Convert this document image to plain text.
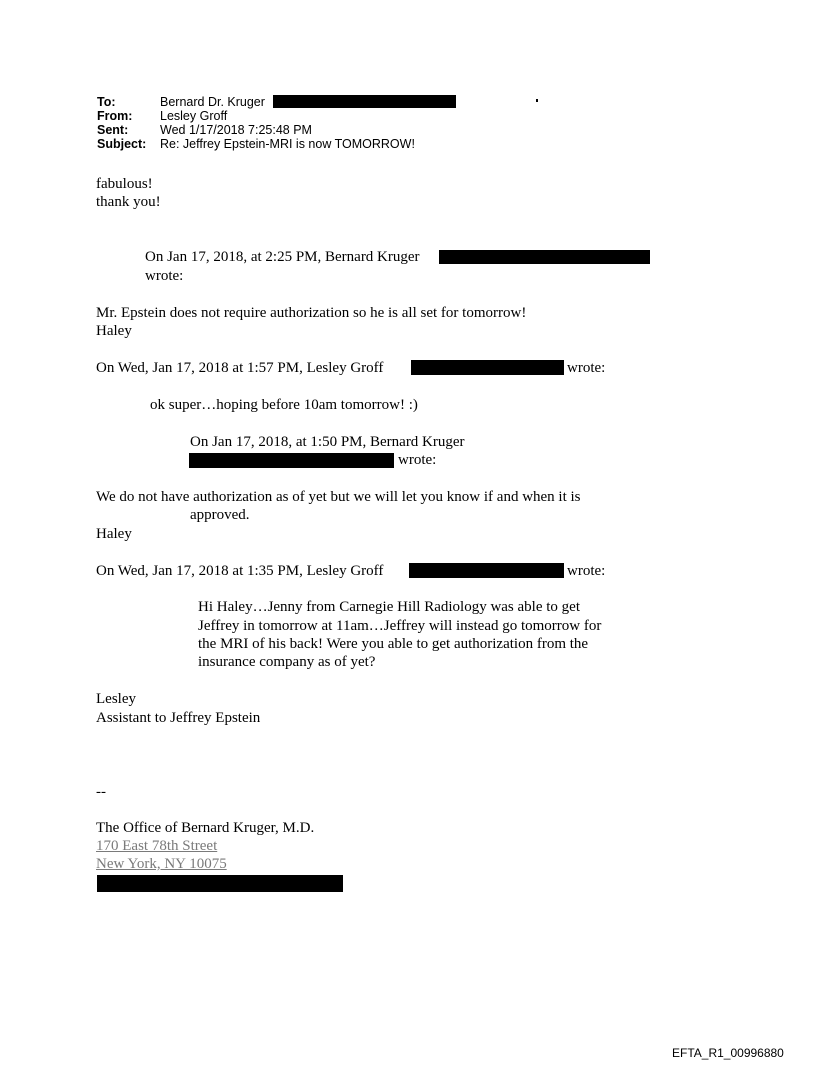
To:	Bernard Dr. Kruger
From: Lesley Groff
Sent:	Wed 1/17/2018 7:25:48 PM
Subject: Re: Jeffrey Epstein-MRI is now TOMORROW!
fabulous!
thank you!
On Jan 17, 2018, at 2:25 PM, Bernard Kruger
wrote:
Mr. Epstein does not require authorization so he is all set for tomorrow!
Haley
On Wed, Jan 17, 2018 at 1:57 PM, Lesley Groff	wrote:
ok super…hoping before 10am tomorrow! :)
On Jan 17, 2018, at 1:50 PM, Bernard Kruger
wrote:
We do not have authorization as of yet but we will let you know if and when it is
approved.
Haley
On Wed, Jan 17, 2018 at 1:35 PM, Lesley Groff	wrote:
Hi Haley…Jenny from Carnegie Hill Radiology was able to get
Jeffrey in tomorrow at 11am…Jeffrey will instead go tomorrow for
the MRI of his back! Were you able to get authorization from the
insurance company as of yet?
Lesley
Assistant to Jeffrey Epstein
--
The Office of Bernard Kruger, M.D.
170 East 78th Street
New York, NY 10075
EFTA_R1_00996880
